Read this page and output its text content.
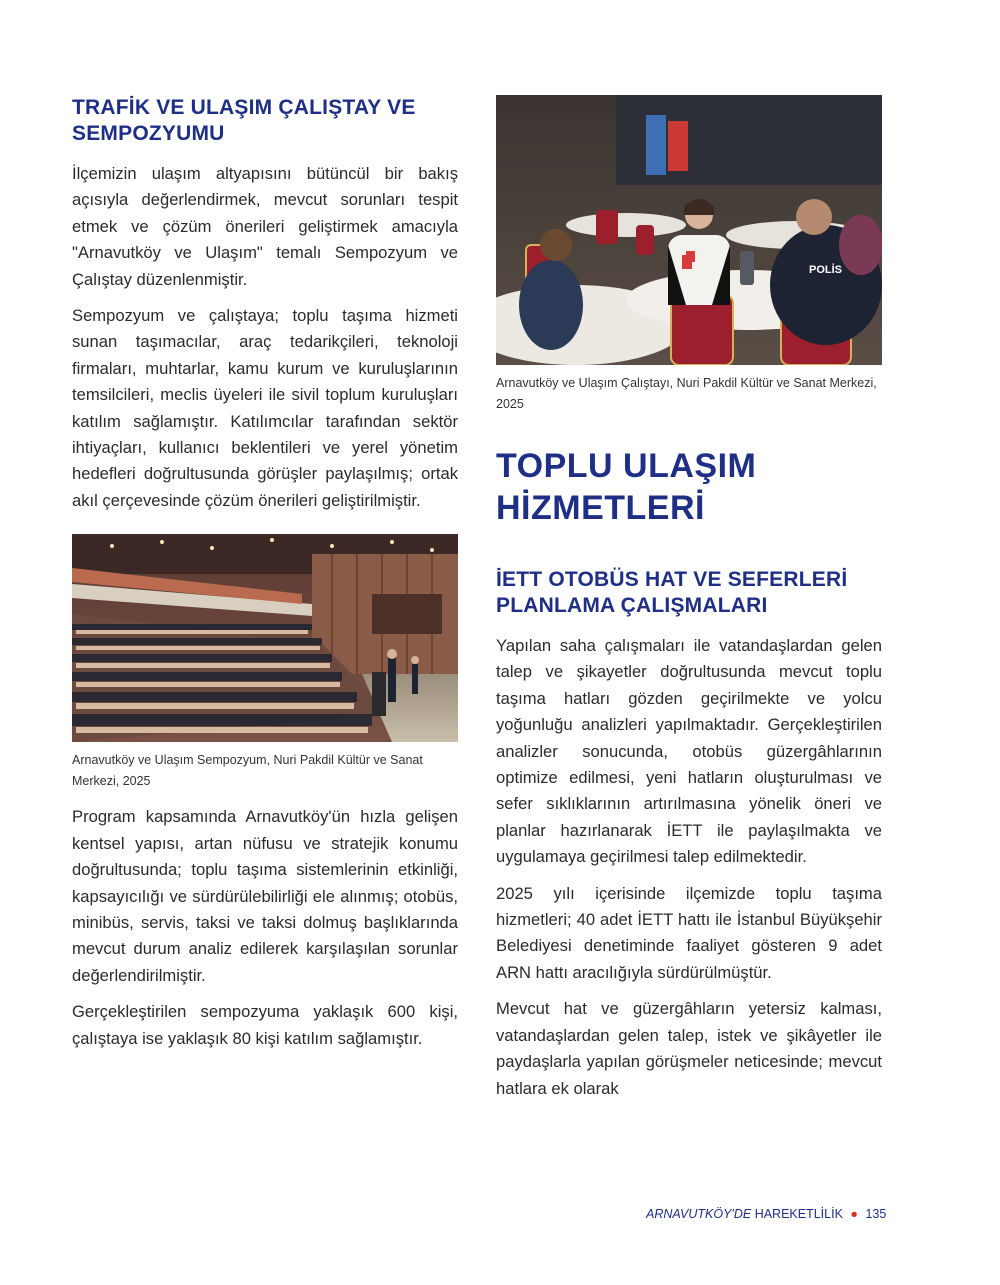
TRAFİK VE ULAŞIM ÇALIŞTAY VE SEMPOZYUMU

İlçemizin ulaşım altyapısını bütüncül bir bakış açısıyla değerlendirmek, mevcut sorunları tespit etmek ve çözüm önerileri geliştirmek amacıyla "Arnavutköy ve Ulaşım" temalı Sempozyum ve Çalıştay düzenlenmiştir.

Sempozyum ve çalıştaya; toplu taşıma hizmeti sunan taşımacılar, araç tedarikçileri, teknoloji firmaları, muhtarlar, kamu kurum ve kuruluşlarının temsilcileri, meclis üyeleri ile sivil toplum kuruluşları katılım sağlamıştır. Katılımcılar tarafından sektör ihtiyaçları, kullanıcı beklentileri ve yerel yönetim hedefleri doğrultusunda görüşler paylaşılmış; ortak akıl çerçevesinde çözüm önerileri geliştirilmiştir.

Arnavutköy ve Ulaşım Sempozyum, Nuri Pakdil Kültür ve Sanat Merkezi, 2025

Program kapsamında Arnavutköy'ün hızla gelişen kentsel yapısı, artan nüfusu ve stratejik konumu doğrultusunda; toplu taşıma sistemlerinin etkinliği, kapsayıcılığı ve sürdürülebilirliği ele alınmış; otobüs, minibüs, servis, taksi ve taksi dolmuş başlıklarında mevcut durum analiz edilerek karşılaşılan sorunlar değerlendirilmiştir.

Gerçekleştirilen sempozyuma yaklaşık 600 kişi, çalıştaya ise yaklaşık 80 kişi katılım sağlamıştır.

POLİS
Arnavutköy ve Ulaşım Çalıştayı, Nuri Pakdil Kültür ve Sanat Merkezi, 2025
TOPLU ULAŞIM HİZMETLERİ
İETT OTOBÜS HAT VE SEFERLERİ PLANLAMA ÇALIŞMALARI

Yapılan saha çalışmaları ile vatandaşlardan gelen talep ve şikayetler doğrultusunda mevcut toplu taşıma hatları gözden geçirilmekte ve yolcu yoğunluğu analizleri yapılmaktadır. Gerçekleştirilen analizler sonucunda, otobüs güzergâhlarının optimize edilmesi, yeni hatların oluşturulması ve sefer sıklıklarının artırılmasına yönelik öneri ve planlar hazırlanarak İETT ile paylaşılmakta ve uygulamaya geçirilmesi talep edilmektedir.

2025 yılı içerisinde ilçemizde toplu taşıma hizmetleri; 40 adet İETT hattı ile İstanbul Büyükşehir Belediyesi denetiminde faaliyet gösteren 9 adet ARN hattı aracılığıyla sürdürülmüştür.

Mevcut hat ve güzergâhların yetersiz kalması, vatandaşlardan gelen talep, istek ve şikâyetler ile paydaşlarla yapılan görüşmeler neticesinde; mevcut hatlara ek olarak

ARNAVUTKÖY'DE HAREKETLİLİK ● 135
